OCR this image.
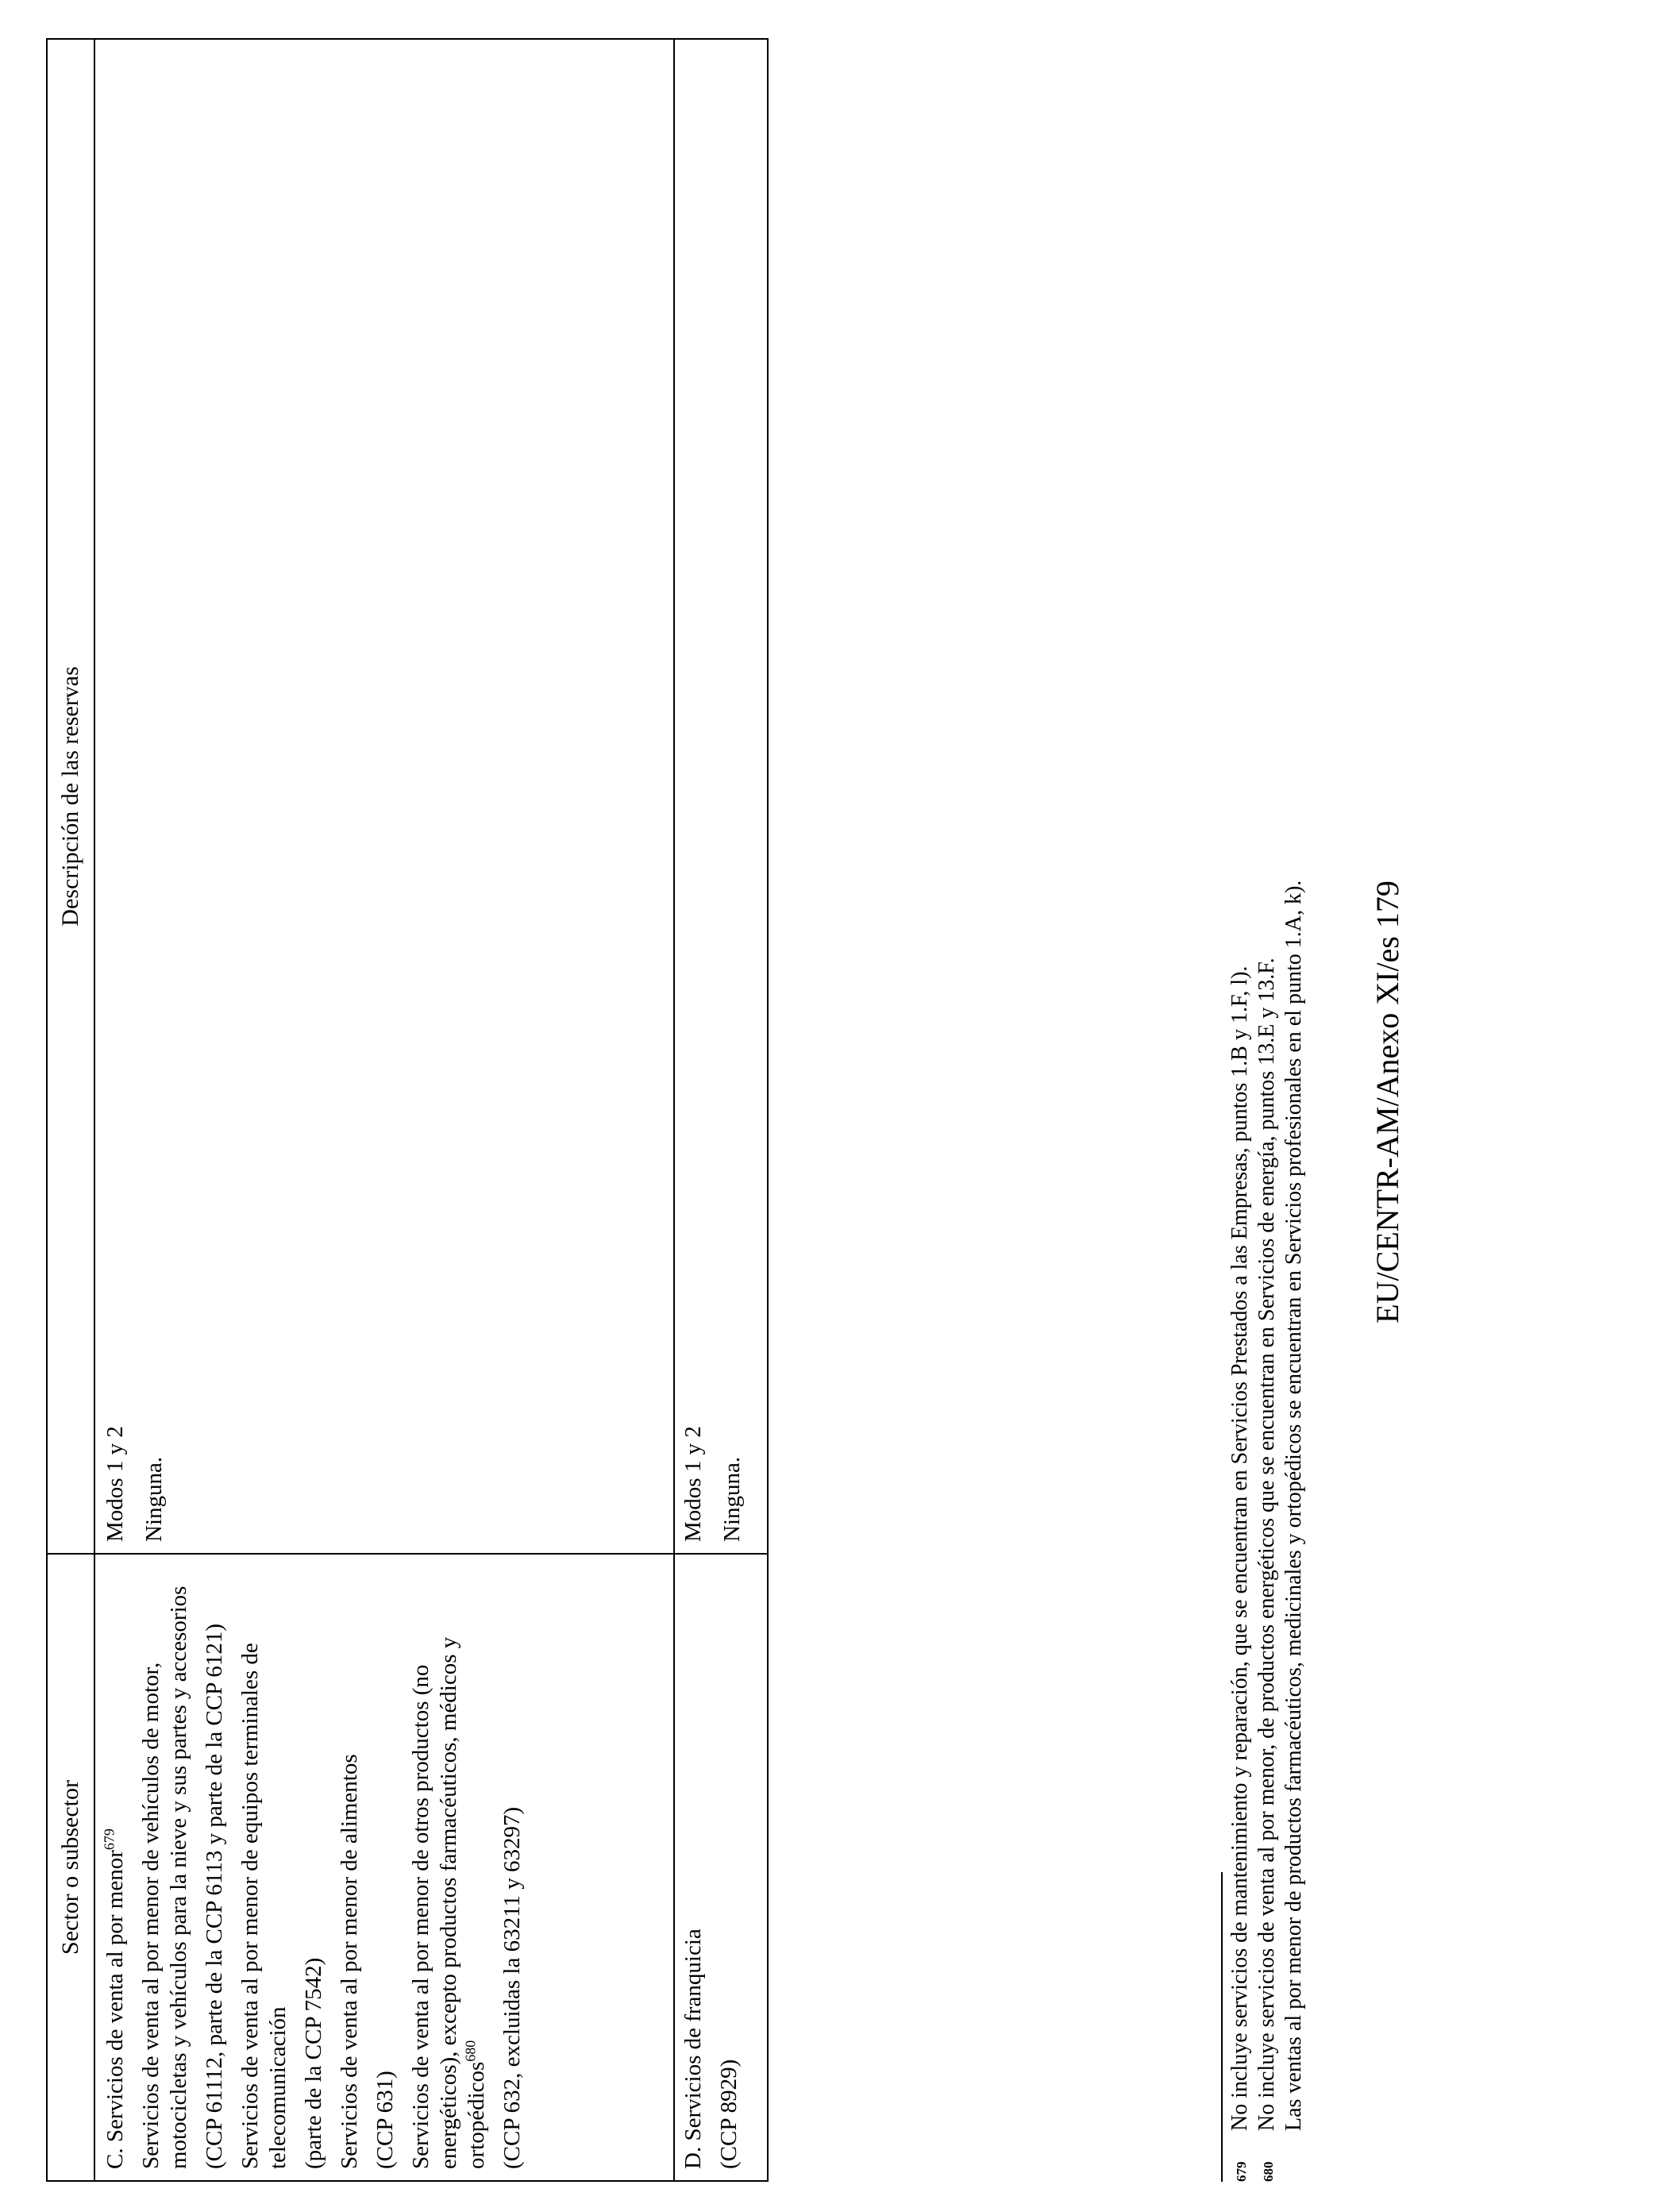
Sector o subsector
Descripción de las reservas

C. Servicios de venta al por menor$^{679}$ Servicios de venta al por menor de vehículos de motor, motocicletas y vehículos para la nieve y sus partes y accesorios (CCP 61112, parte de la CCP 6113 y parte de la CCP 6121) Servicios de venta al por menor de equipos terminales de telecomunicación (parte de la CCP 7542) Servicios de venta al por menor de alimentos (CCP 631) Servicios de venta al por menor de otros productos (no energéticos), excepto productos farmacéuticos, médicos y ortopédicos$^{680}$ (CCP 632, excluidas la 63211 y 63297)

Modos 1 y 2 Ninguna.

D. Servicios de franquicia (CCP 8929)

Modos 1 y 2 Ninguna.

679
No incluye servicios de mantenimiento y reparación, que se encuentran en Servicios Prestados a las Empresas, puntos 1.B y 1.F, l).
680
No incluye servicios de venta al por menor, de productos energéticos que se encuentran en Servicios de energía, puntos 13.E y 13.F. Las ventas al por menor de productos farmacéuticos, medicinales y ortopédicos se encuentran en Servicios profesionales en el punto 1.A, k). EU/CENTR-AM/Anexo XI/es 179
